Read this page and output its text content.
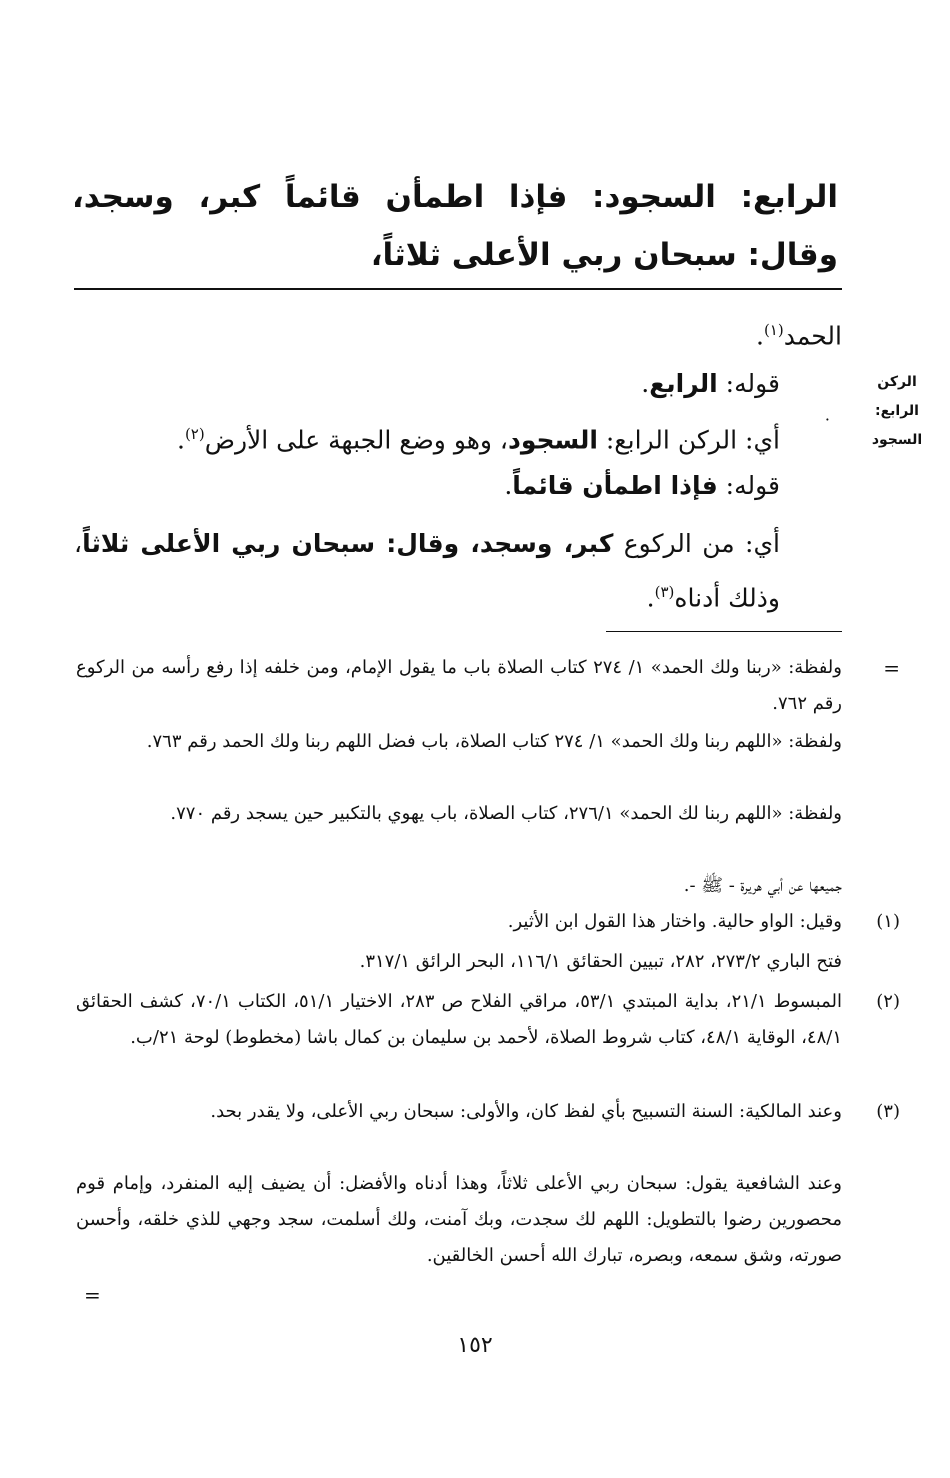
الرابع: السجود: فإذا اطمأن قائماً كبر، وسجد، وقال: سبحان ربي الأعلى ثلاثاً،
الحمد$^{(١)}$.
الركن
الرابع:
السجود
·
قوله: الرابع.
أي: الركن الرابع: السجود، وهو وضع الجبهة على الأرض$^{(٢)}$.
قوله: فإذا اطمأن قائماً.
أي: من الركوع كبر، وسجد، وقال: سبحان ربي الأعلى ثلاثاً، وذلك أدناه$^{(٣)}$.
=
ولفظة: «ربنا ولك الحمد» ١/ ٢٧٤ كتاب الصلاة باب ما يقول الإمام، ومن خلفه إذا رفع رأسه من الركوع رقم ٧٦٢.
ولفظة: «اللهم ربنا ولك الحمد» ١/ ٢٧٤ كتاب الصلاة، باب فضل اللهم ربنا ولك الحمد رقم ٧٦٣.
ولفظة: «اللهم ربنا لك الحمد» ٢٧٦/١، كتاب الصلاة، باب يهوي بالتكبير حين يسجد رقم ٧٧٠.
جميعها عن أبي هريرة - ﷺ -.
(١)
وقيل: الواو حالية. واختار هذا القول ابن الأثير.
فتح الباري ٢٧٣/٢، ٢٨٢، تبيين الحقائق ١١٦/١، البحر الرائق ٣١٧/١.
(٢)
المبسوط ٢١/١، بداية المبتدي ٥٣/١، مراقي الفلاح ص ٢٨٣، الاختيار ٥١/١، الكتاب ٧٠/١، كشف الحقائق ٤٨/١، الوقاية ٤٨/١، كتاب شروط الصلاة، لأحمد بن سليمان بن كمال باشا (مخطوط) لوحة ٢١/ب.
(٣)
وعند المالكية: السنة التسبيح بأي لفظ كان، والأولى: سبحان ربي الأعلى، ولا يقدر بحد.
وعند الشافعية يقول: سبحان ربي الأعلى ثلاثاً، وهذا أدناه والأفضل: أن يضيف إليه المنفرد، وإمام قوم محصورين رضوا بالتطويل: اللهم لك سجدت، وبك آمنت، ولك أسلمت، سجد وجهي للذي خلقه، وأحسن صورته، وشق سمعه، وبصره، تبارك الله أحسن الخالقين.
=
١٥٢
